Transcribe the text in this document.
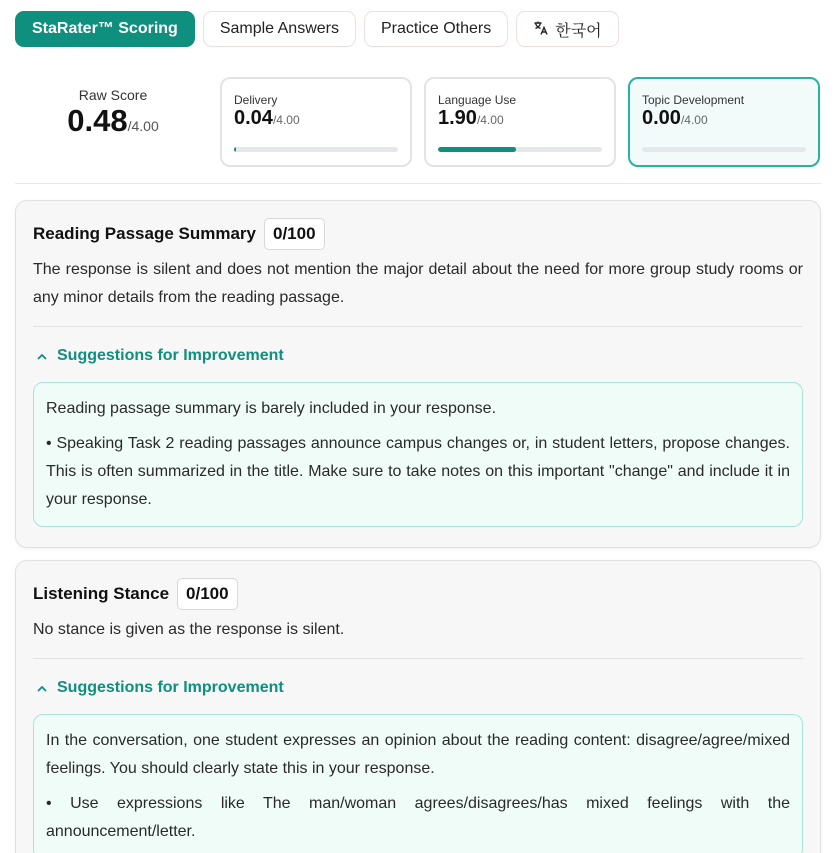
StaRater™ Scoring	Sample Answers	Practice Others	한국어
Raw Score
0.48/4.00
Delivery
0.04/4.00
Language Use
1.90/4.00
Topic Development
0.00/4.00
Reading Passage Summary	0/100
The response is silent and does not mention the major detail about the need for more group study rooms or any minor details from the reading passage.
Suggestions for Improvement

Reading passage summary is barely included in your response.

• Speaking Task 2 reading passages announce campus changes or, in student letters, propose changes. This is often summarized in the title. Make sure to take notes on this important "change" and include it in your response.

Listening Stance	0/100
No stance is given as the response is silent.
Suggestions for Improvement

In the conversation, one student expresses an opinion about the reading content: disagree/agree/mixed feelings. You should clearly state this in your response.

• Use expressions like The man/woman agrees/disagrees/has mixed feelings with the announcement/letter.
